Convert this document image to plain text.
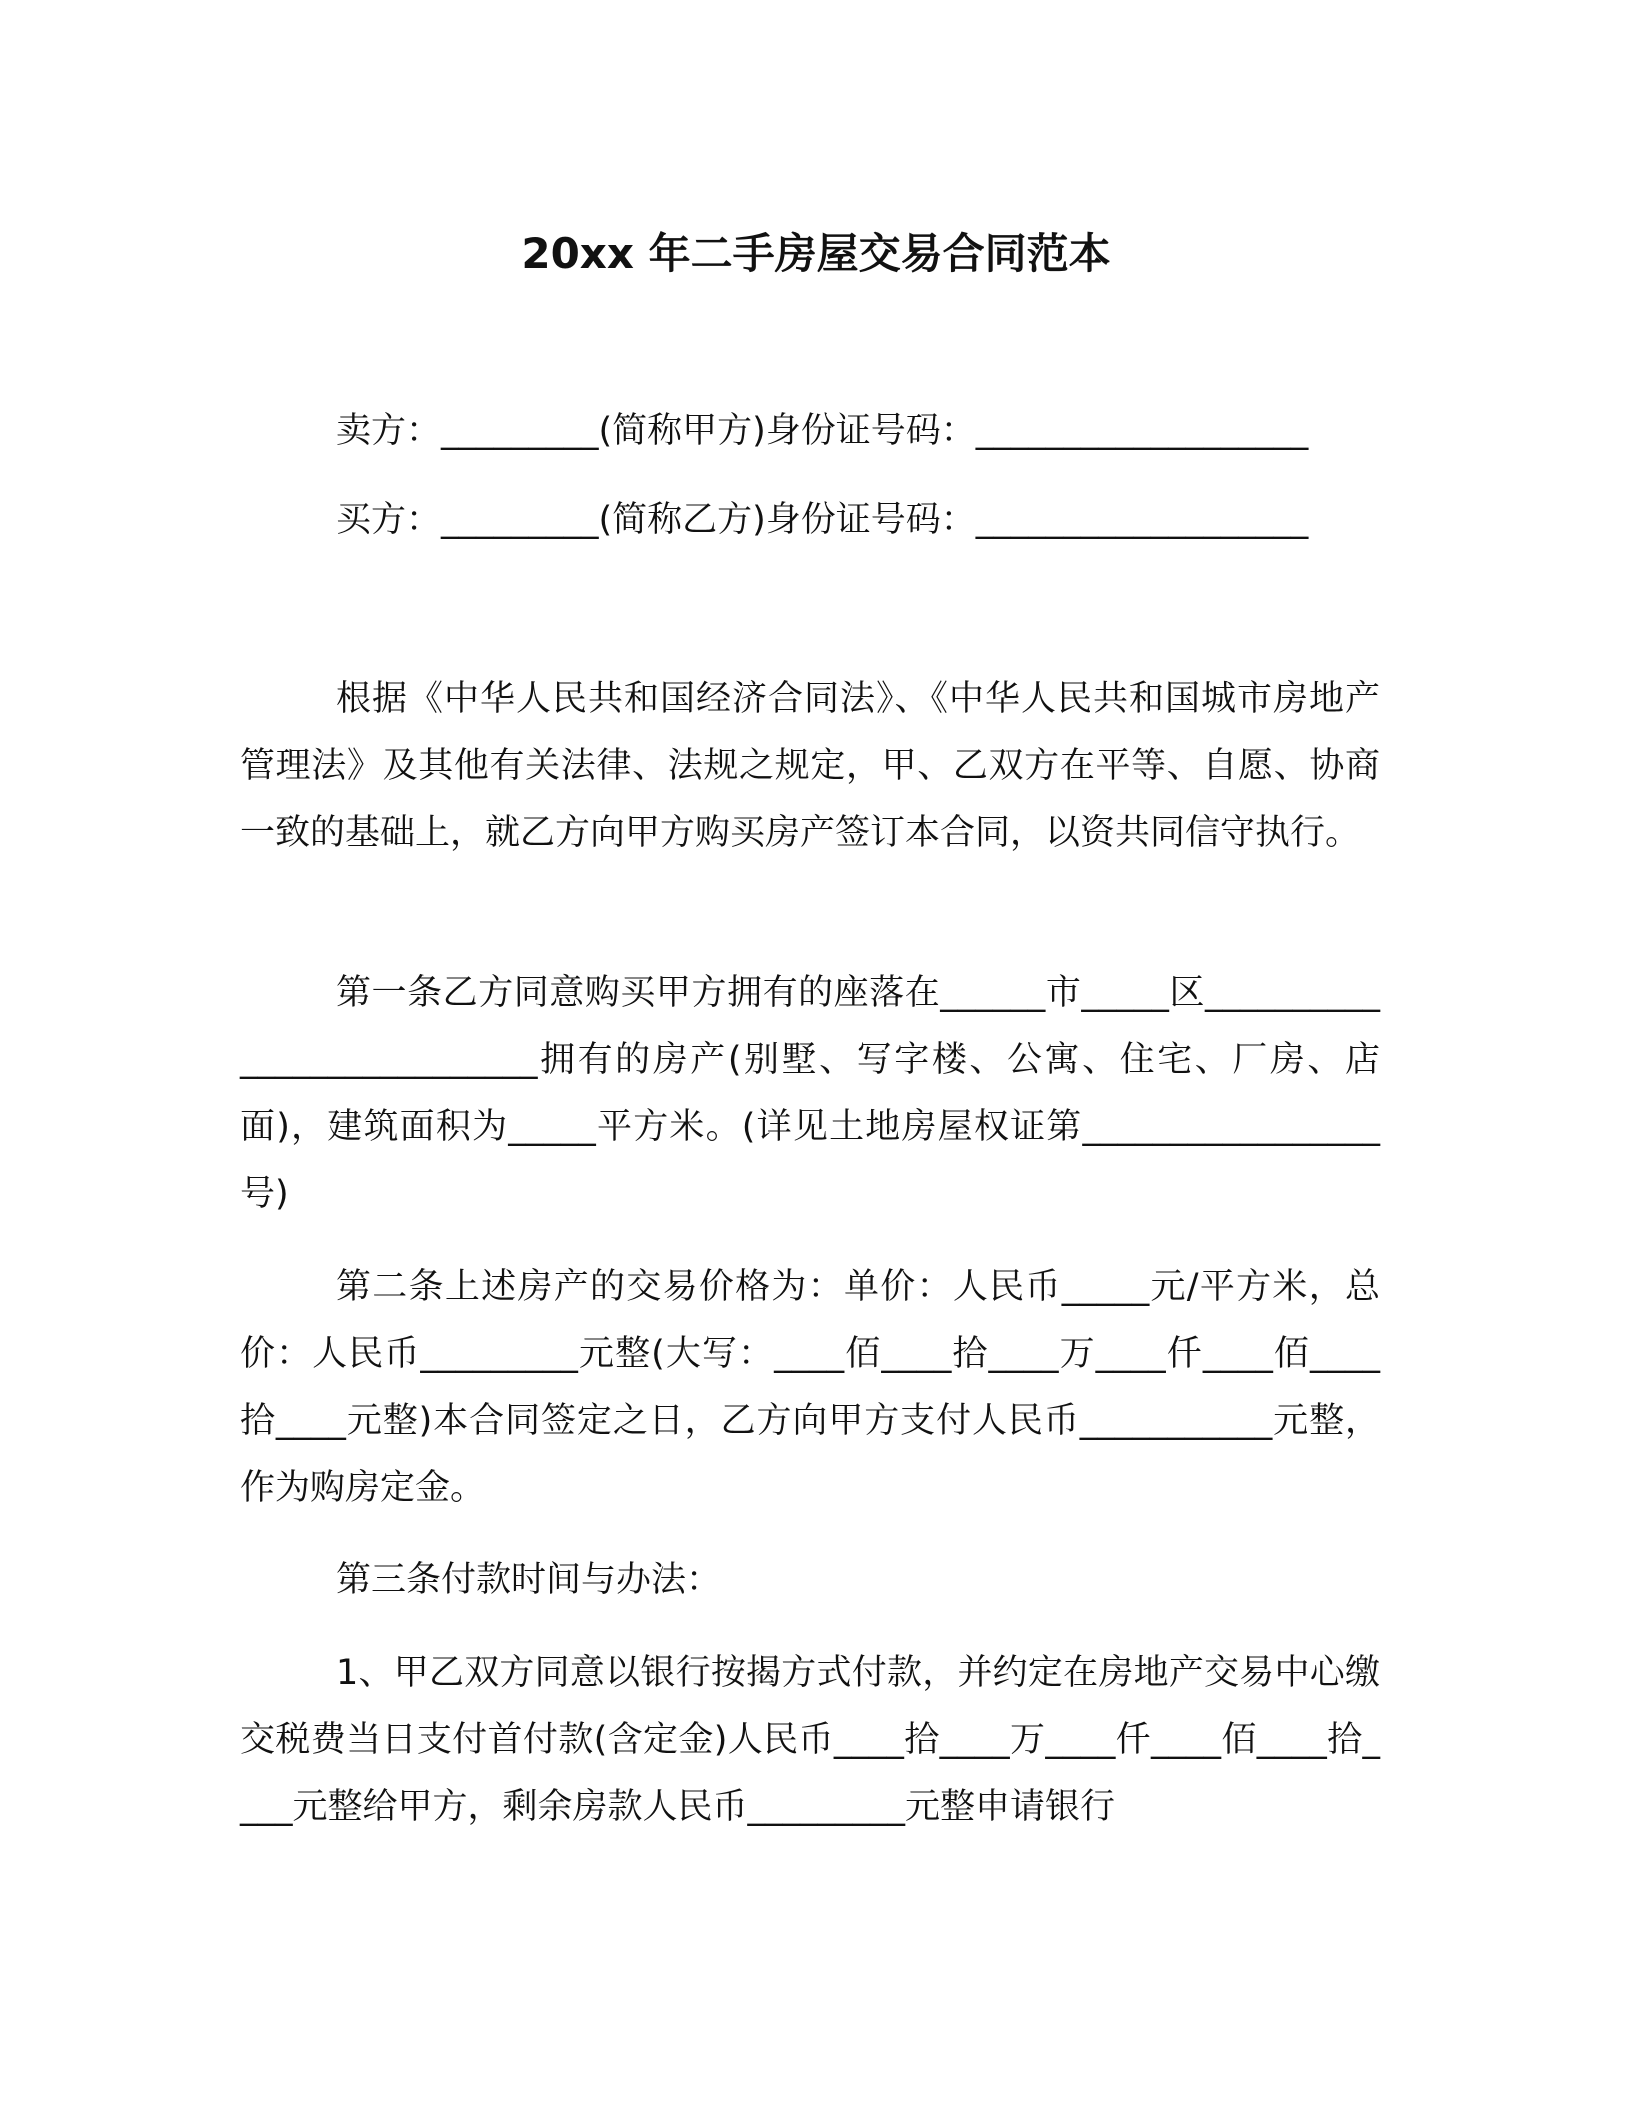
20xx 年二手房屋交易合同范本
卖方：_________(简称甲方)身份证号码：___________________
买方：_________(简称乙方)身份证号码：___________________

根据《中华人民共和国经济合同法》、《中华人民共和国城市房地产管理法》及其他有关法律、法规之规定，甲、乙双方在平等、自愿、协商一致的基础上，就乙方向甲方购买房产签订本合同，以资共同信守执行。

第一条乙方同意购买甲方拥有的座落在______市_____区___________________________拥有的房产(别墅、写字楼、公寓、住宅、厂房、店面)，建筑面积为_____平方米。(详见土地房屋权证第_________________号)

第二条上述房产的交易价格为：单价：人民币_____元/平方米，总价：人民币_________元整(大写：____佰____拾____万____仟____佰____拾____元整)本合同签定之日，乙方向甲方支付人民币___________元整，作为购房定金。

第三条付款时间与办法：

1、甲乙双方同意以银行按揭方式付款，并约定在房地产交易中心缴交税费当日支付首付款(含定金)人民币____拾____万____仟____佰____拾____元整给甲方，剩余房款人民币_________元整申请银行
